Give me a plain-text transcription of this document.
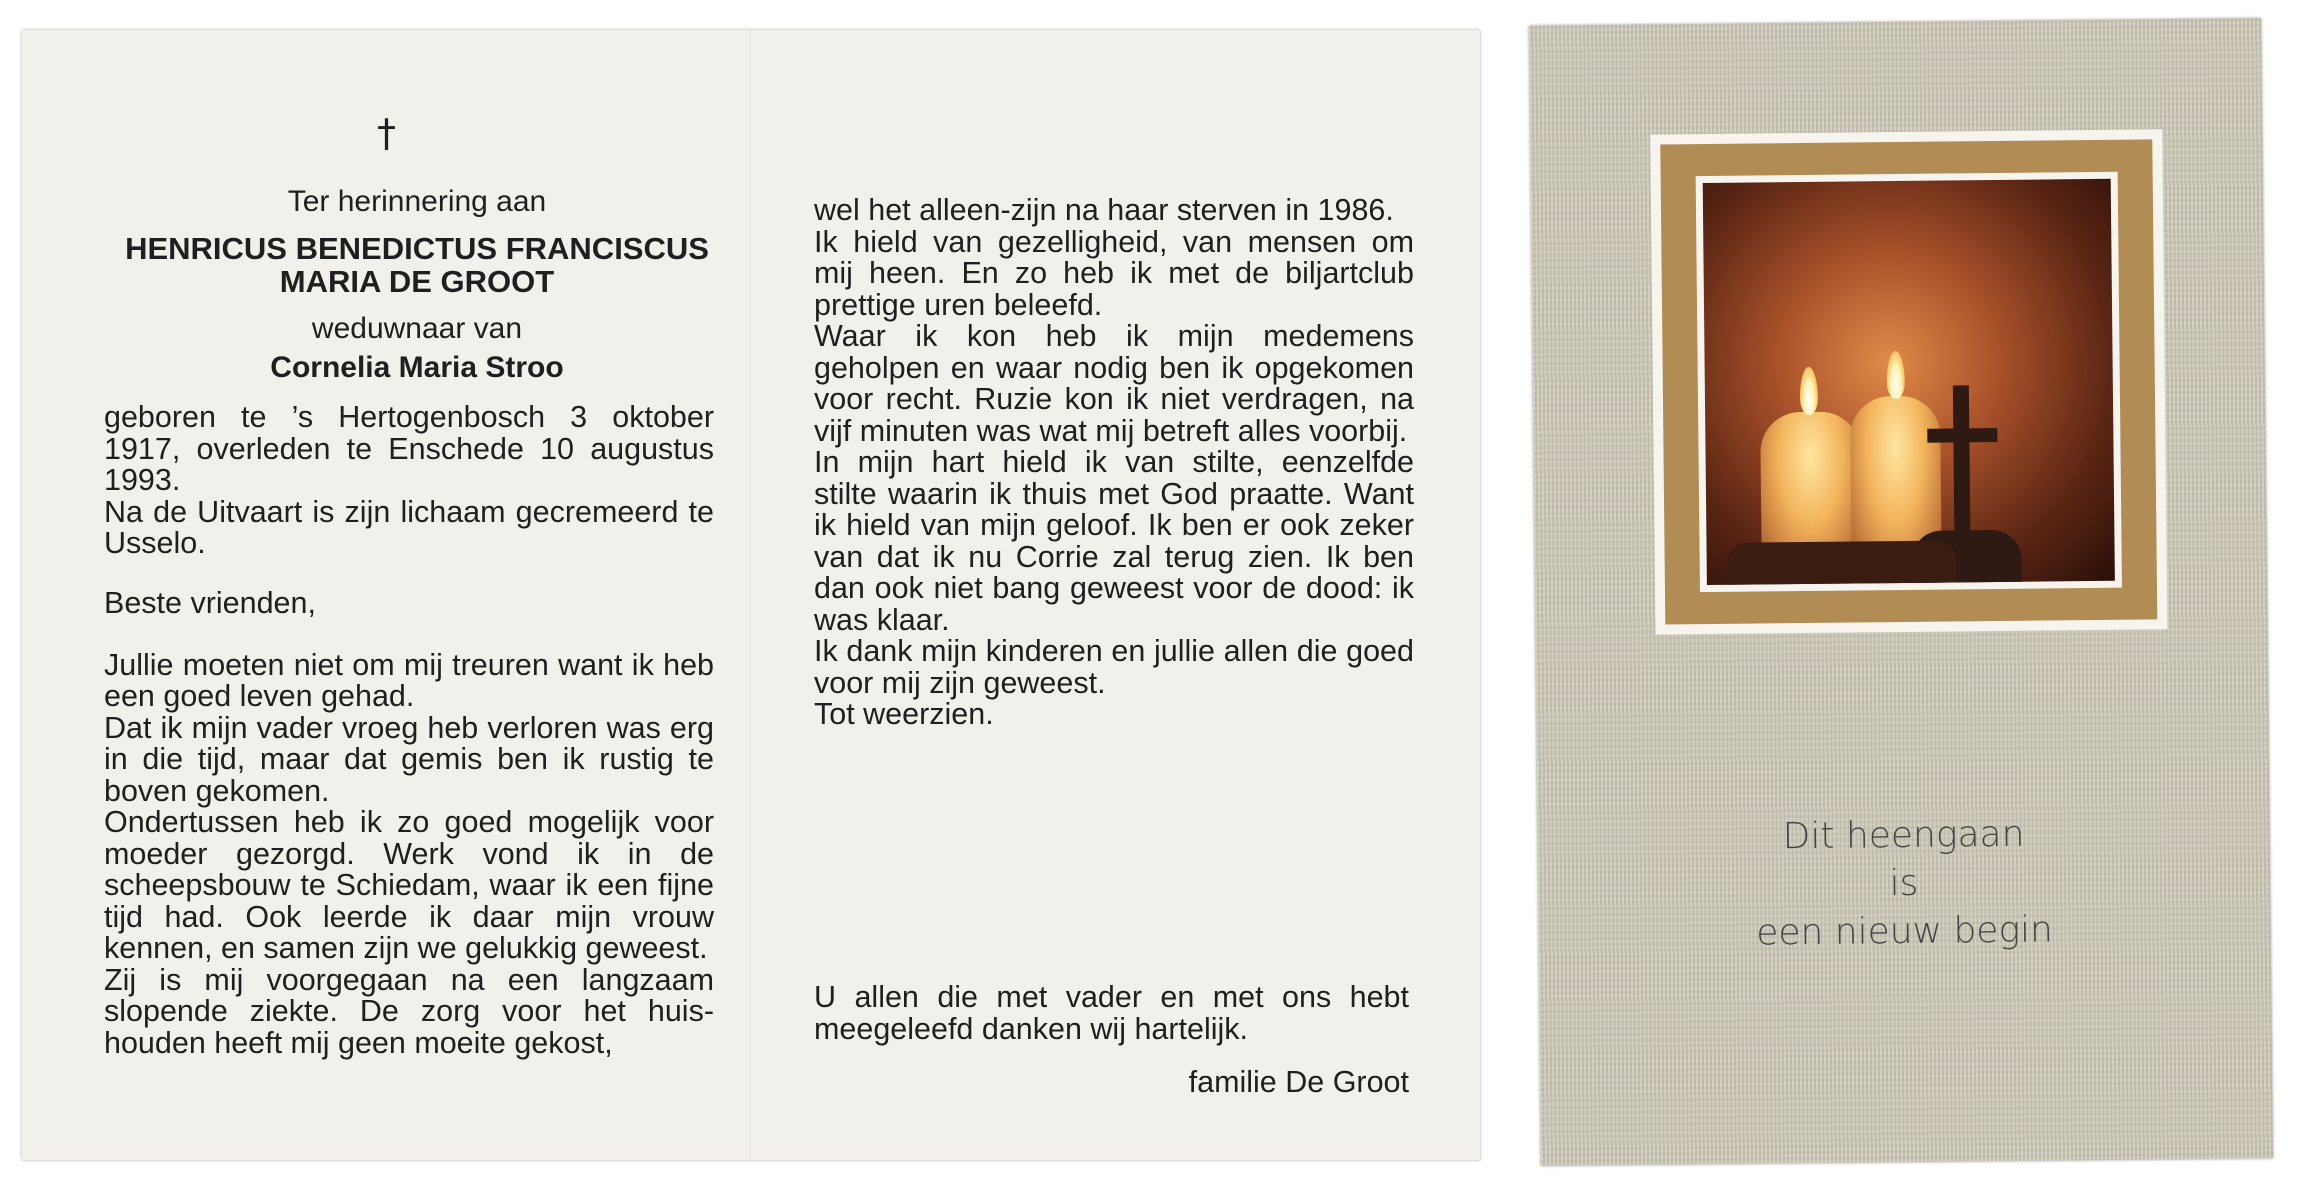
†
Ter herinnering aan
HENRICUS BENEDICTUS FRANCISCUS
MARIA DE GROOT
weduwnaar van
Cornelia Maria Stroo

geboren te ’s Hertogenbosch 3 oktober 1917, overleden te Enschede 10 augustus 1993.

Na de Uitvaart is zijn lichaam gecremeerd te Usselo.

Beste vrienden,

Jullie moeten niet om mij treuren want ik heb een goed leven gehad.

Dat ik mijn vader vroeg heb verloren was erg in die tijd, maar dat gemis ben ik rustig te boven gekomen.

Ondertussen heb ik zo goed mogelijk voor moeder gezorgd. Werk vond ik in de scheepsbouw te Schiedam, waar ik een fijne tijd had. Ook leerde ik daar mijn vrouw kennen, en samen zijn we gelukkig geweest.

Zij is mij voorgegaan na een langzaam slopende ziekte. De zorg voor het huishouden heeft mij geen moeite gekost,

wel het alleen-zijn na haar sterven in 1986.

Ik hield van gezelligheid, van mensen om mij heen. En zo heb ik met de biljartclub prettige uren beleefd.

Waar ik kon heb ik mijn medemens geholpen en waar nodig ben ik opgekomen voor recht. Ruzie kon ik niet verdragen, na vijf minuten was wat mij betreft alles voorbij.

In mijn hart hield ik van stilte, eenzelfde stilte waarin ik thuis met God praatte. Want ik hield van mijn geloof. Ik ben er ook zeker van dat ik nu Corrie zal terug zien. Ik ben dan ook niet bang geweest voor de dood: ik was klaar.

Ik dank mijn kinderen en jullie allen die goed voor mij zijn geweest.

Tot weerzien.

U allen die met vader en met ons hebt meegeleefd danken wij hartelijk.

familie De Groot
Dit heengaan
is
een nieuw begin
